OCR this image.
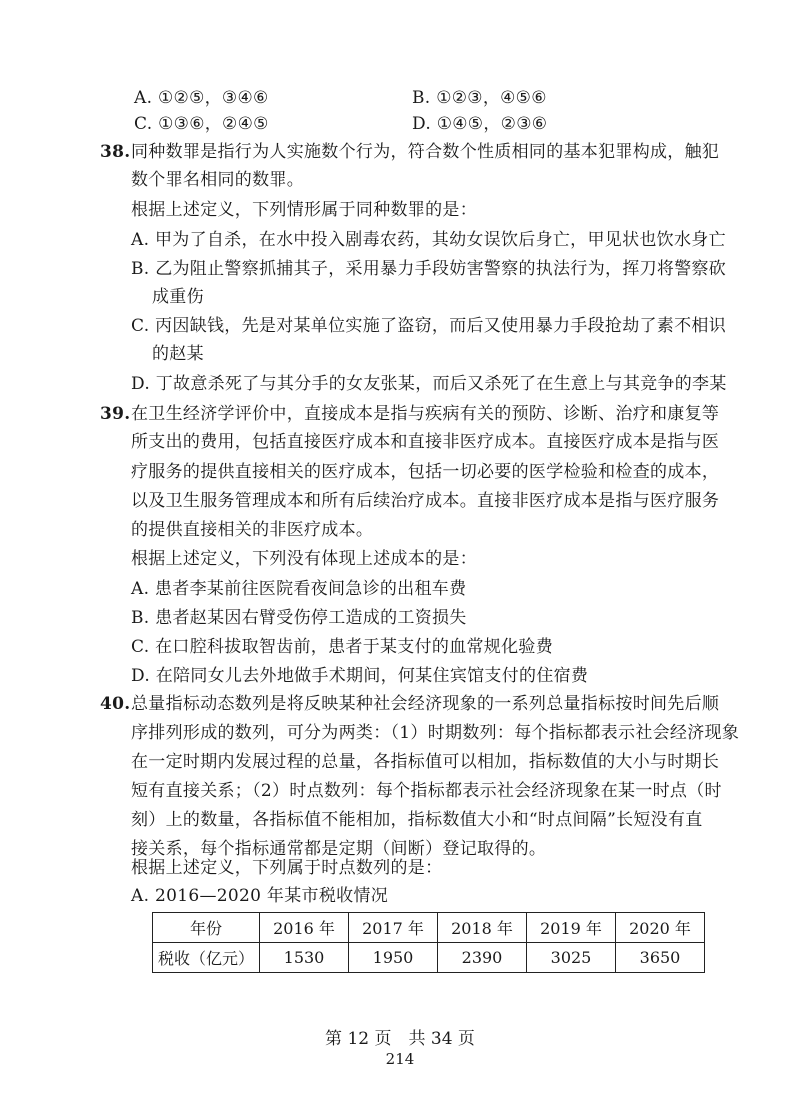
A. ①②⑤，③④⑥	B. ①②③，④⑤⑥
C. ①③⑥，②④⑤	D. ①④⑤，②③⑥
38. 同种数罪是指行为人实施数个行为，符合数个性质相同的基本犯罪构成，触犯
数个罪名相同的数罪。
根据上述定义，下列情形属于同种数罪的是：
A. 甲为了自杀，在水中投入剧毒农药，其幼女误饮后身亡，甲见状也饮水身亡
B. 乙为阻止警察抓捕其子，采用暴力手段妨害警察的执法行为，挥刀将警察砍
成重伤
C. 丙因缺钱，先是对某单位实施了盗窃，而后又使用暴力手段抢劫了素不相识
的赵某
D. 丁故意杀死了与其分手的女友张某，而后又杀死了在生意上与其竞争的李某
39. 在卫生经济学评价中，直接成本是指与疾病有关的预防、诊断、治疗和康复等
所支出的费用，包括直接医疗成本和直接非医疗成本。直接医疗成本是指与医
疗服务的提供直接相关的医疗成本，包括一切必要的医学检验和检查的成本，
以及卫生服务管理成本和所有后续治疗成本。直接非医疗成本是指与医疗服务
的提供直接相关的非医疗成本。
根据上述定义，下列没有体现上述成本的是：
A. 患者李某前往医院看夜间急诊的出租车费
B. 患者赵某因右臂受伤停工造成的工资损失
C. 在口腔科拔取智齿前，患者于某支付的血常规化验费
D. 在陪同女儿去外地做手术期间，何某住宾馆支付的住宿费
40. 总量指标动态数列是将反映某种社会经济现象的一系列总量指标按时间先后顺
序排列形成的数列，可分为两类：（1）时期数列：每个指标都表示社会经济现象
在一定时期内发展过程的总量，各指标值可以相加，指标数值的大小与时期长
短有直接关系；（2）时点数列：每个指标都表示社会经济现象在某一时点（时
刻）上的数量，各指标值不能相加，指标数值大小和“时点间隔”长短没有直
接关系，每个指标通常都是定期（间断）登记取得的。
根据上述定义，下列属于时点数列的是：
A. 2016—2020 年某市税收情况
年份	2016 年	2017 年	2018 年	2019 年	2020 年
税收（亿元）	1530	1950	2390	3025	3650
第 12 页　共 34 页
214
